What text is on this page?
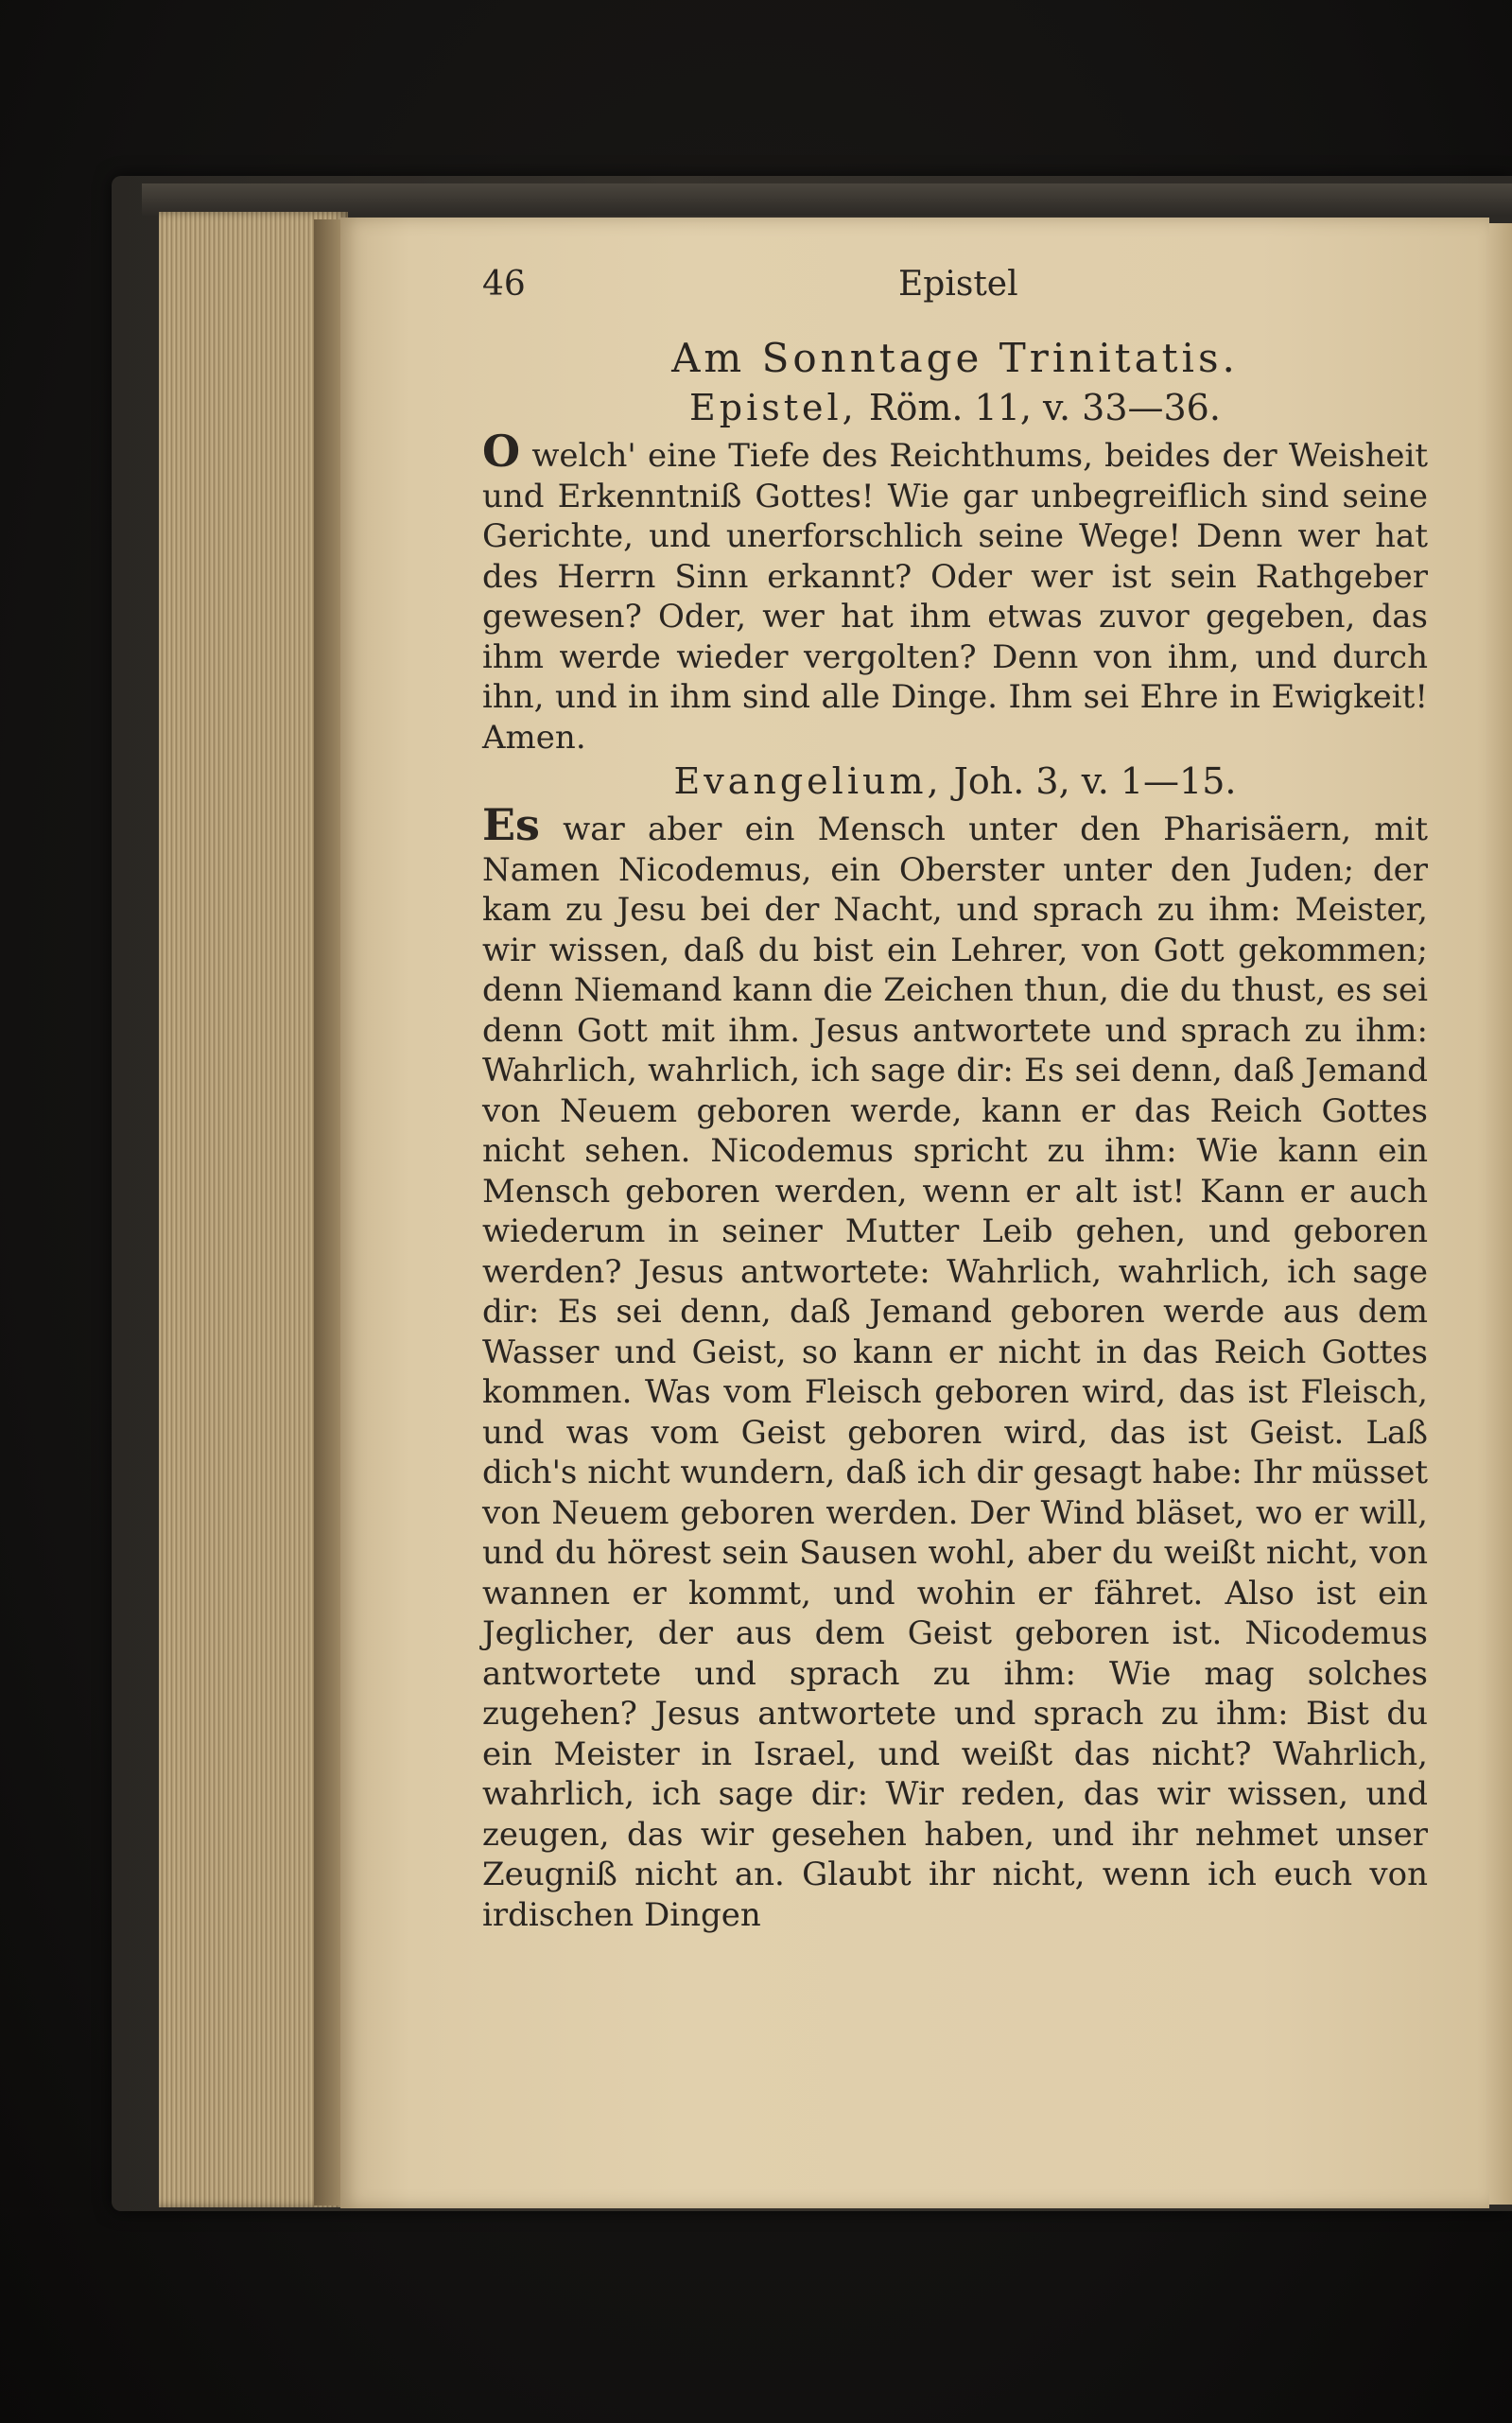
46	Epistel
Am Sonntage Trinitatis.
Epistel, Röm. 11, v. 33—36.

O welch' eine Tiefe des Reichthums, beides der Weisheit und Erkenntniß Gottes! Wie gar unbegreiflich sind seine Gerichte, und unerforschlich seine Wege! Denn wer hat des Herrn Sinn erkannt? Oder wer ist sein Rathgeber gewesen? Oder, wer hat ihm etwas zuvor gegeben, das ihm werde wieder vergolten? Denn von ihm, und durch ihn, und in ihm sind alle Dinge. Ihm sei Ehre in Ewigkeit! Amen.

Evangelium, Joh. 3, v. 1—15.

Es war aber ein Mensch unter den Pharisäern, mit Namen Nicodemus, ein Oberster unter den Juden; der kam zu Jesu bei der Nacht, und sprach zu ihm: Meister, wir wissen, daß du bist ein Lehrer, von Gott gekommen; denn Niemand kann die Zeichen thun, die du thust, es sei denn Gott mit ihm. Jesus antwortete und sprach zu ihm: Wahrlich, wahrlich, ich sage dir: Es sei denn, daß Jemand von Neuem geboren werde, kann er das Reich Gottes nicht sehen. Nicodemus spricht zu ihm: Wie kann ein Mensch geboren werden, wenn er alt ist! Kann er auch wiederum in seiner Mutter Leib gehen, und geboren werden? Jesus antwortete: Wahrlich, wahrlich, ich sage dir: Es sei denn, daß Jemand geboren werde aus dem Wasser und Geist, so kann er nicht in das Reich Gottes kommen. Was vom Fleisch geboren wird, das ist Fleisch, und was vom Geist geboren wird, das ist Geist. Laß dich's nicht wundern, daß ich dir gesagt habe: Ihr müsset von Neuem geboren werden. Der Wind bläset, wo er will, und du hörest sein Sausen wohl, aber du weißt nicht, von wannen er kommt, und wohin er fähret. Also ist ein Jeglicher, der aus dem Geist geboren ist. Nicodemus antwortete und sprach zu ihm: Wie mag solches zugehen? Jesus antwortete und sprach zu ihm: Bist du ein Meister in Israel, und weißt das nicht? Wahrlich, wahrlich, ich sage dir: Wir reden, das wir wissen, und zeugen, das wir gesehen haben, und ihr nehmet unser Zeugniß nicht an. Glaubt ihr nicht, wenn ich euch von irdischen Dingen
